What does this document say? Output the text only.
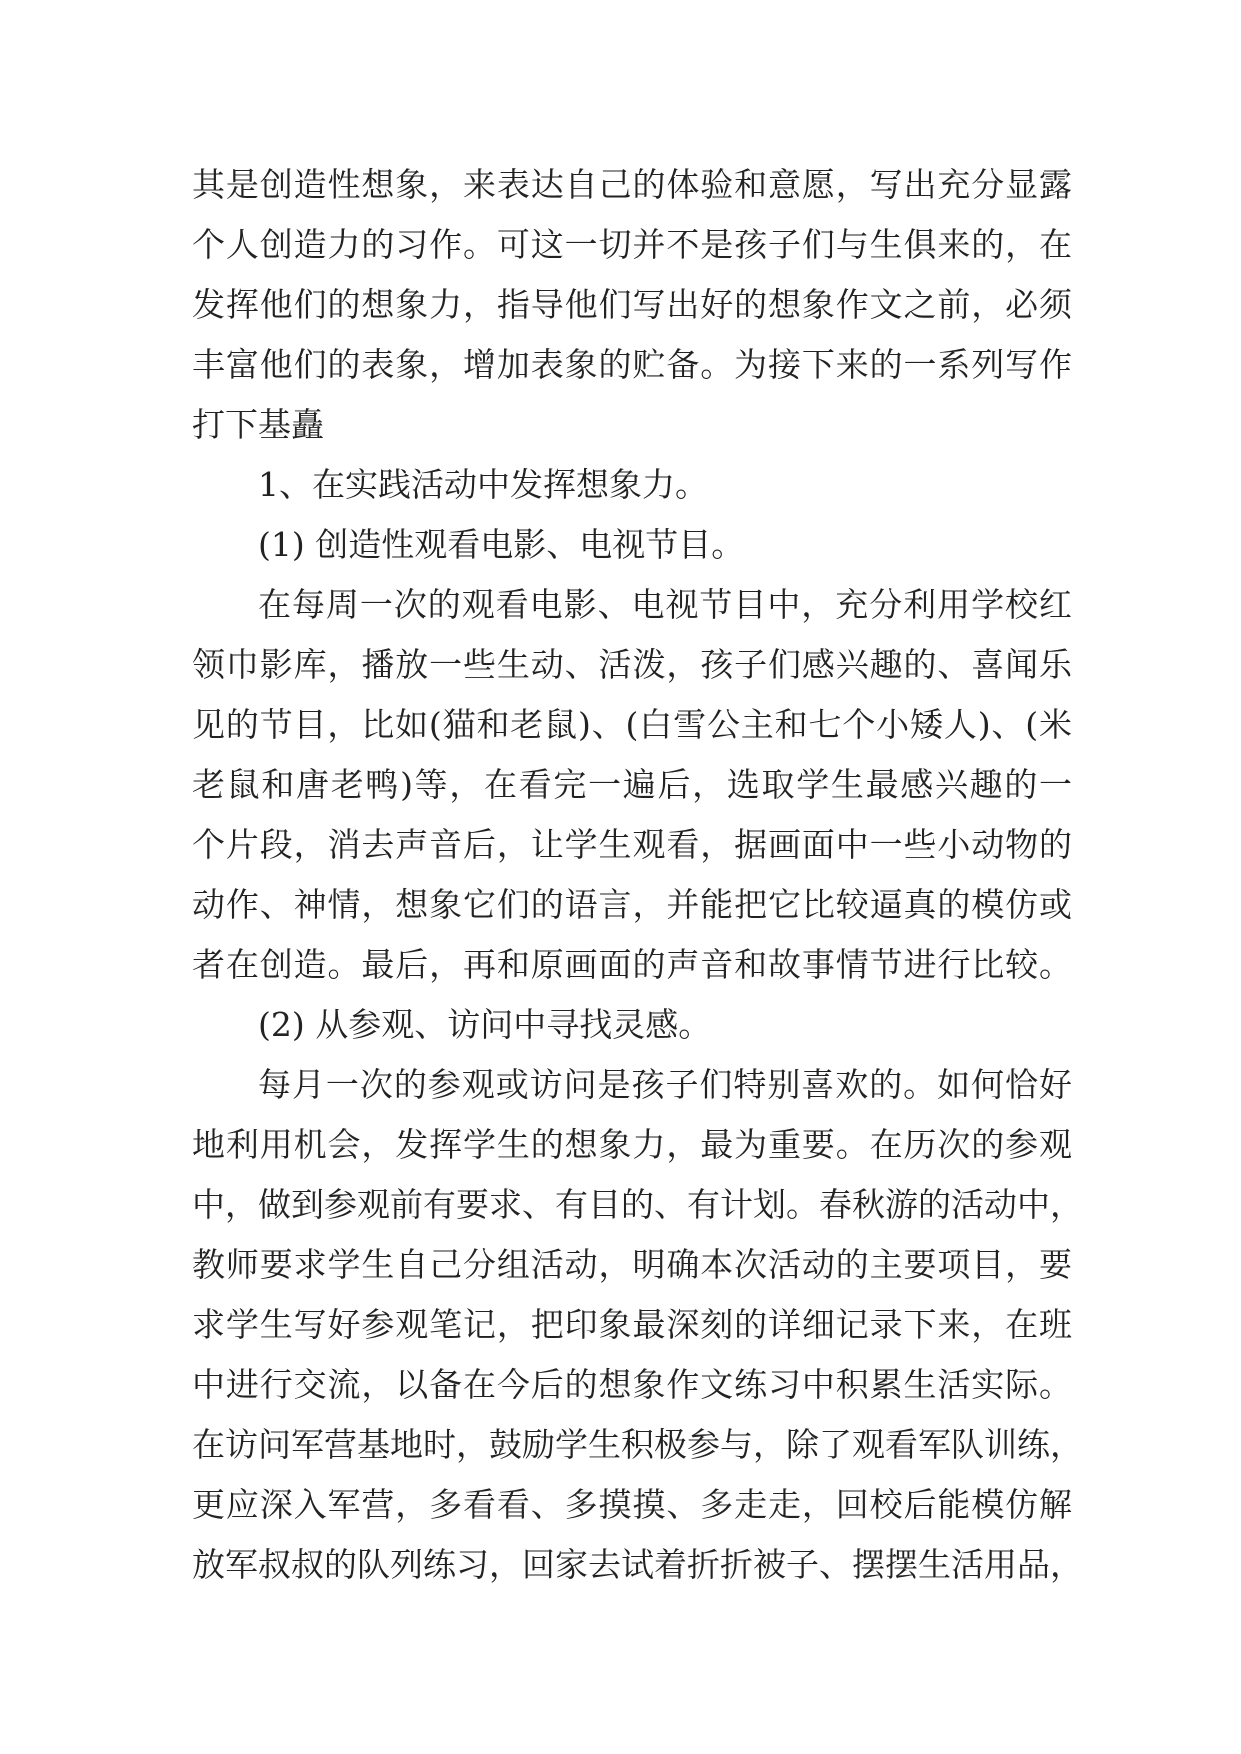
其是创造性想象，来表达自己的体验和意愿，写出充分显露
个人创造力的习作。可这一切并不是孩子们与生俱来的，在
发挥他们的想象力，指导他们写出好的想象作文之前，必须
丰富他们的表象，增加表象的贮备。为接下来的一系列写作
打下基矗
1、在实践活动中发挥想象力。
(1) 创造性观看电影、电视节目。
在每周一次的观看电影、电视节目中，充分利用学校红
领巾影库，播放一些生动、活泼，孩子们感兴趣的、喜闻乐
见的节目，比如(猫和老鼠)、(白雪公主和七个小矮人)、(米
老鼠和唐老鸭)等，在看完一遍后，选取学生最感兴趣的一
个片段，消去声音后，让学生观看，据画面中一些小动物的
动作、神情，想象它们的语言，并能把它比较逼真的模仿或
者在创造。最后，再和原画面的声音和故事情节进行比较。
(2) 从参观、访问中寻找灵感。
每月一次的参观或访问是孩子们特别喜欢的。如何恰好
地利用机会，发挥学生的想象力，最为重要。在历次的参观
中，做到参观前有要求、有目的、有计划。春秋游的活动中，
教师要求学生自己分组活动，明确本次活动的主要项目，要
求学生写好参观笔记，把印象最深刻的详细记录下来，在班
中进行交流，以备在今后的想象作文练习中积累生活实际。
在访问军营基地时，鼓励学生积极参与，除了观看军队训练，
更应深入军营，多看看、多摸摸、多走走，回校后能模仿解
放军叔叔的队列练习，回家去试着折折被子、摆摆生活用品，
